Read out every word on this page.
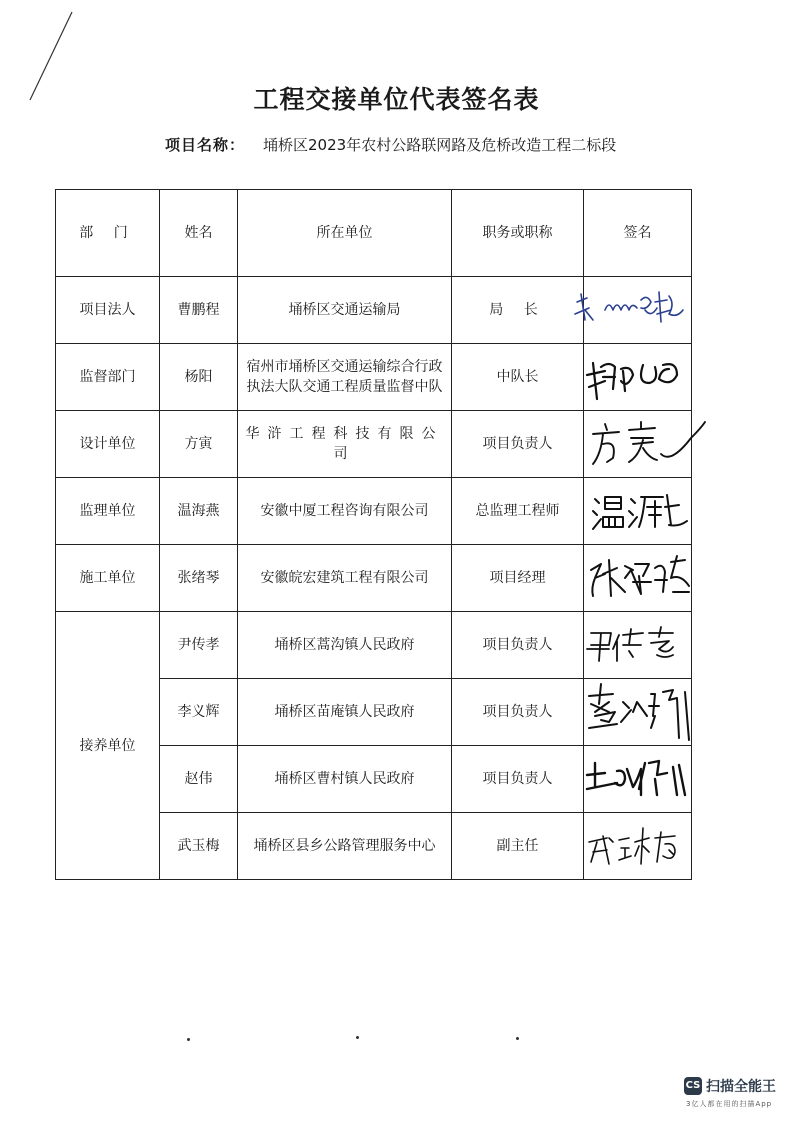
工程交接单位代表签名表
项目名称： 埇桥区2023年农村公路联网路及危桥改造工程二标段
部 门	姓名	所在单位	职务或职称	签名
项目法人	曹鹏程	埇桥区交通运输局	局 长	

监督部门	杨阳	宿州市埇桥区交通运输综合行政
执法大队交通工程质量监督中队	中队长	

设计单位	方寅	华浒工程科技有限公司	项目负责人	

监理单位	温海燕	安徽中厦工程咨询有限公司	总监理工程师	

施工单位	张绪琴	安徽皖宏建筑工程有限公司	项目经理	

接养单位	尹传孝	埇桥区蒿沟镇人民政府	项目负责人	

	李义辉	埇桥区苗庵镇人民政府	项目负责人	

	赵伟	埇桥区曹村镇人民政府	项目负责人	

	武玉梅	埇桥区县乡公路管理服务中心	副主任	
CS 扫描全能王
3亿人都在用的扫描App
